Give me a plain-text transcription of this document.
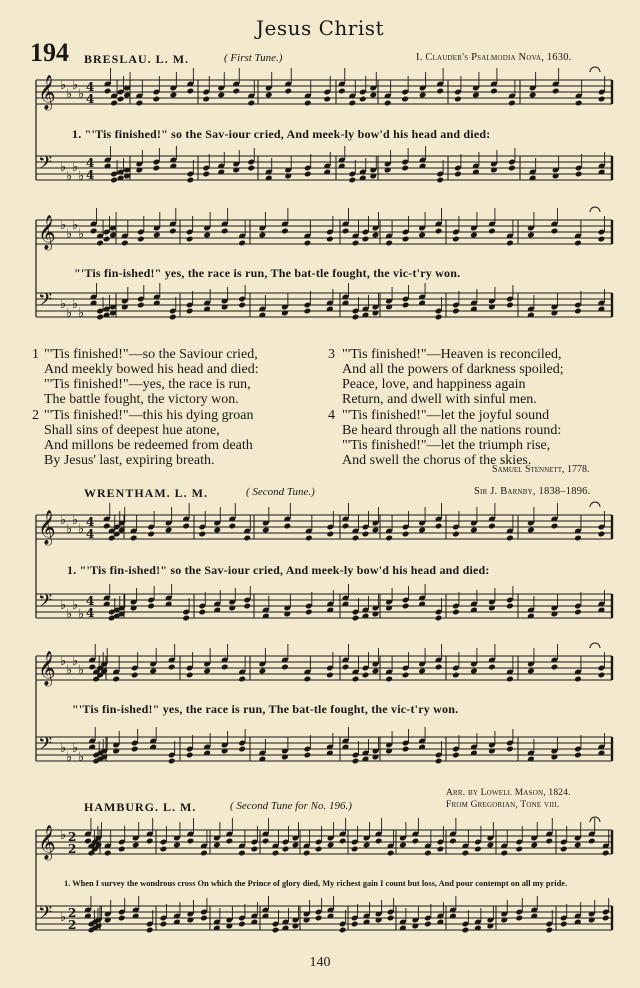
𝄞
𝄢
♭
♭
♭
♭
♭
♭
♭
♭
4
4
4
4
𝄞
𝄢
♭
♭
♭
♭
♭
♭
♭
♭
𝄞
𝄢
♭
♭
♭
♭
♭
♭
♭
♭
4
4
4
4
𝄞
𝄢
♭
♭
♭
♭
♭
♭
♭
♭
𝄞
𝄢
♭
♭
2
2
2
2
Jesus Christ
194 BRESLAU. L. M.	( First Tune.)	I. Clauder's Psalmodia Nova, 1630.
1. "'Tis finished!" so the Sav-iour cried, And meek-ly bow'd his head and died:
"'Tis fin-ished!" yes, the race is run, The bat-tle fought, the vic-t'ry won.
1 "'Tis finished!"—so the Saviour cried,
And meekly bowed his head and died:
"'Tis finished!"—yes, the race is run,
The battle fought, the victory won.
2 "'Tis finished!"—this his dying groan
Shall sins of deepest hue atone,
And millons be redeemed from death
By Jesus' last, expiring breath.
3 "'Tis finished!"—Heaven is reconciled,
And all the powers of darkness spoiled;
Peace, love, and happiness again
Return, and dwell with sinful men.
4 "'Tis finished!"—let the joyful sound
Be heard through all the nations round:
"'Tis finished!"—let the triumph rise,
And swell the chorus of the skies.
Samuel Stennett, 1778.
WRENTHAM. L. M.	( Second Tune.)	Sir J. Barnby, 1838–1896.
1. "'Tis fin-ished!" so the Sav-iour cried, And meek-ly bow'd his head and died:
"'Tis fin-ished!" yes, the race is run, The bat-tle fought, the vic-t'ry won.
Arr. by Lowell Mason, 1824.
From Gregorian, Tone viii.
HAMBURG. L. M.	( Second Tune for No. 196.)
1. When I survey the wondrous cross On which the Prince of glory died, My richest gain I count but loss, And pour contempt on all my pride.
140
